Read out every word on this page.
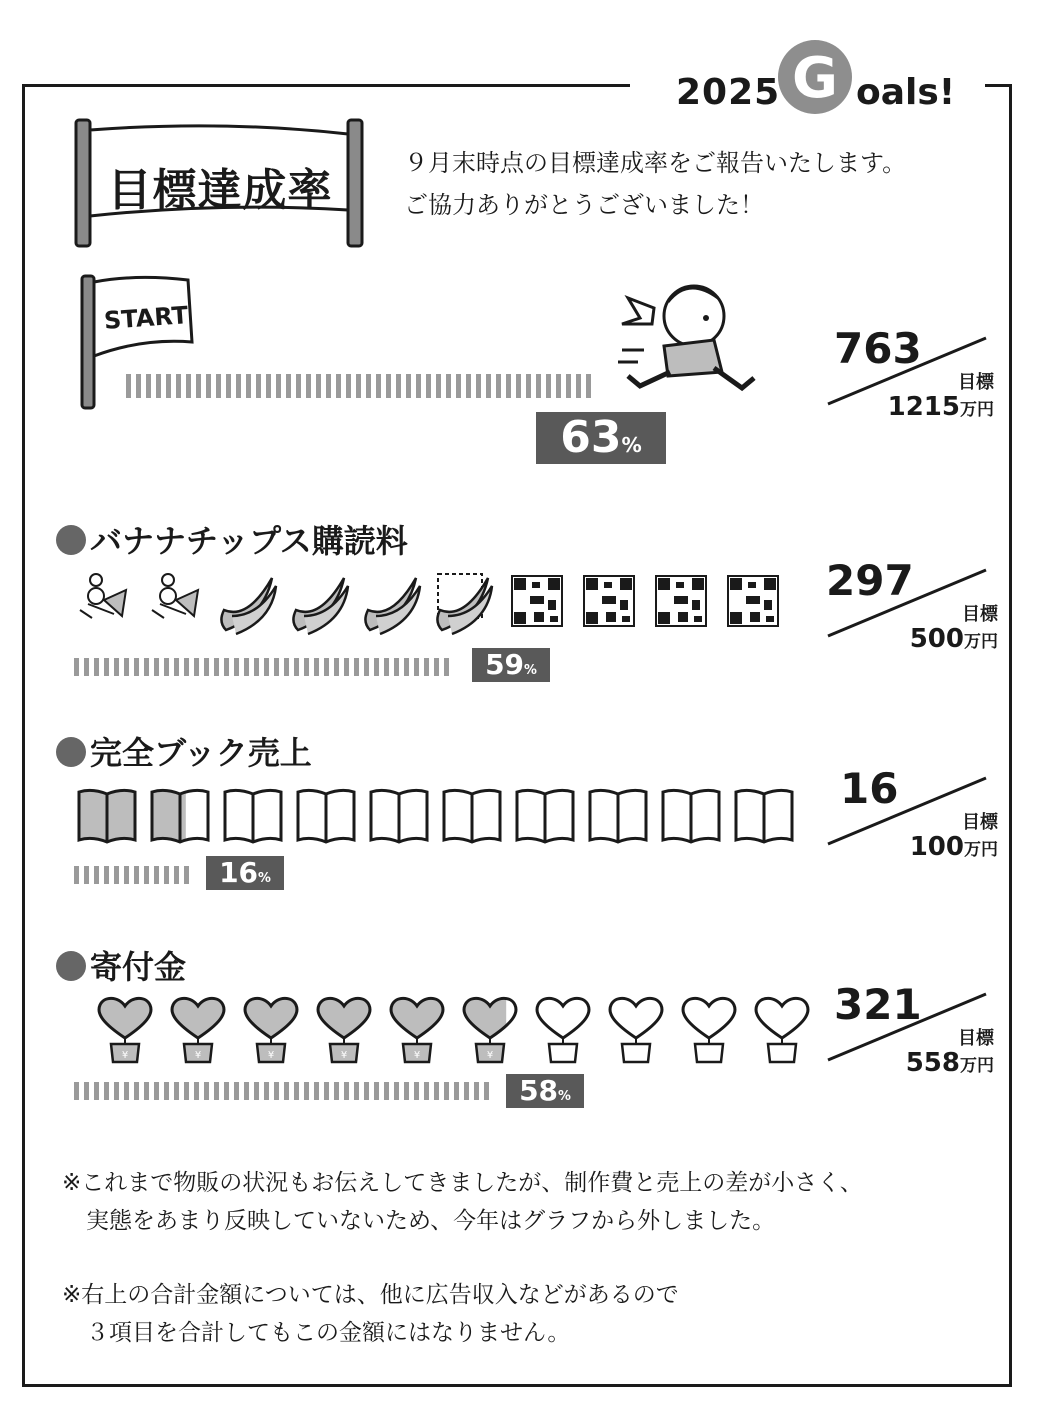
2025 G oals!
目標達成率
９月末時点の目標達成率をご報告いたします。
ご協力ありがとうございました！
START
63%
763
目標
1215万円
バナナチップス購読料
59%
297
目標
500万円
完全ブック売上
16%
16
目標
100万円
寄付金
¥	¥	¥	¥	¥	¥	¥	¥	¥	¥
58%
321
目標
558万円
※これまで物販の状況もお伝えしてきましたが、制作費と売上の差が小さく、
実態をあまり反映していないため、今年はグラフから外しました。
※右上の合計金額については、他に広告収入などがあるので
３項目を合計してもこの金額にはなりません。
